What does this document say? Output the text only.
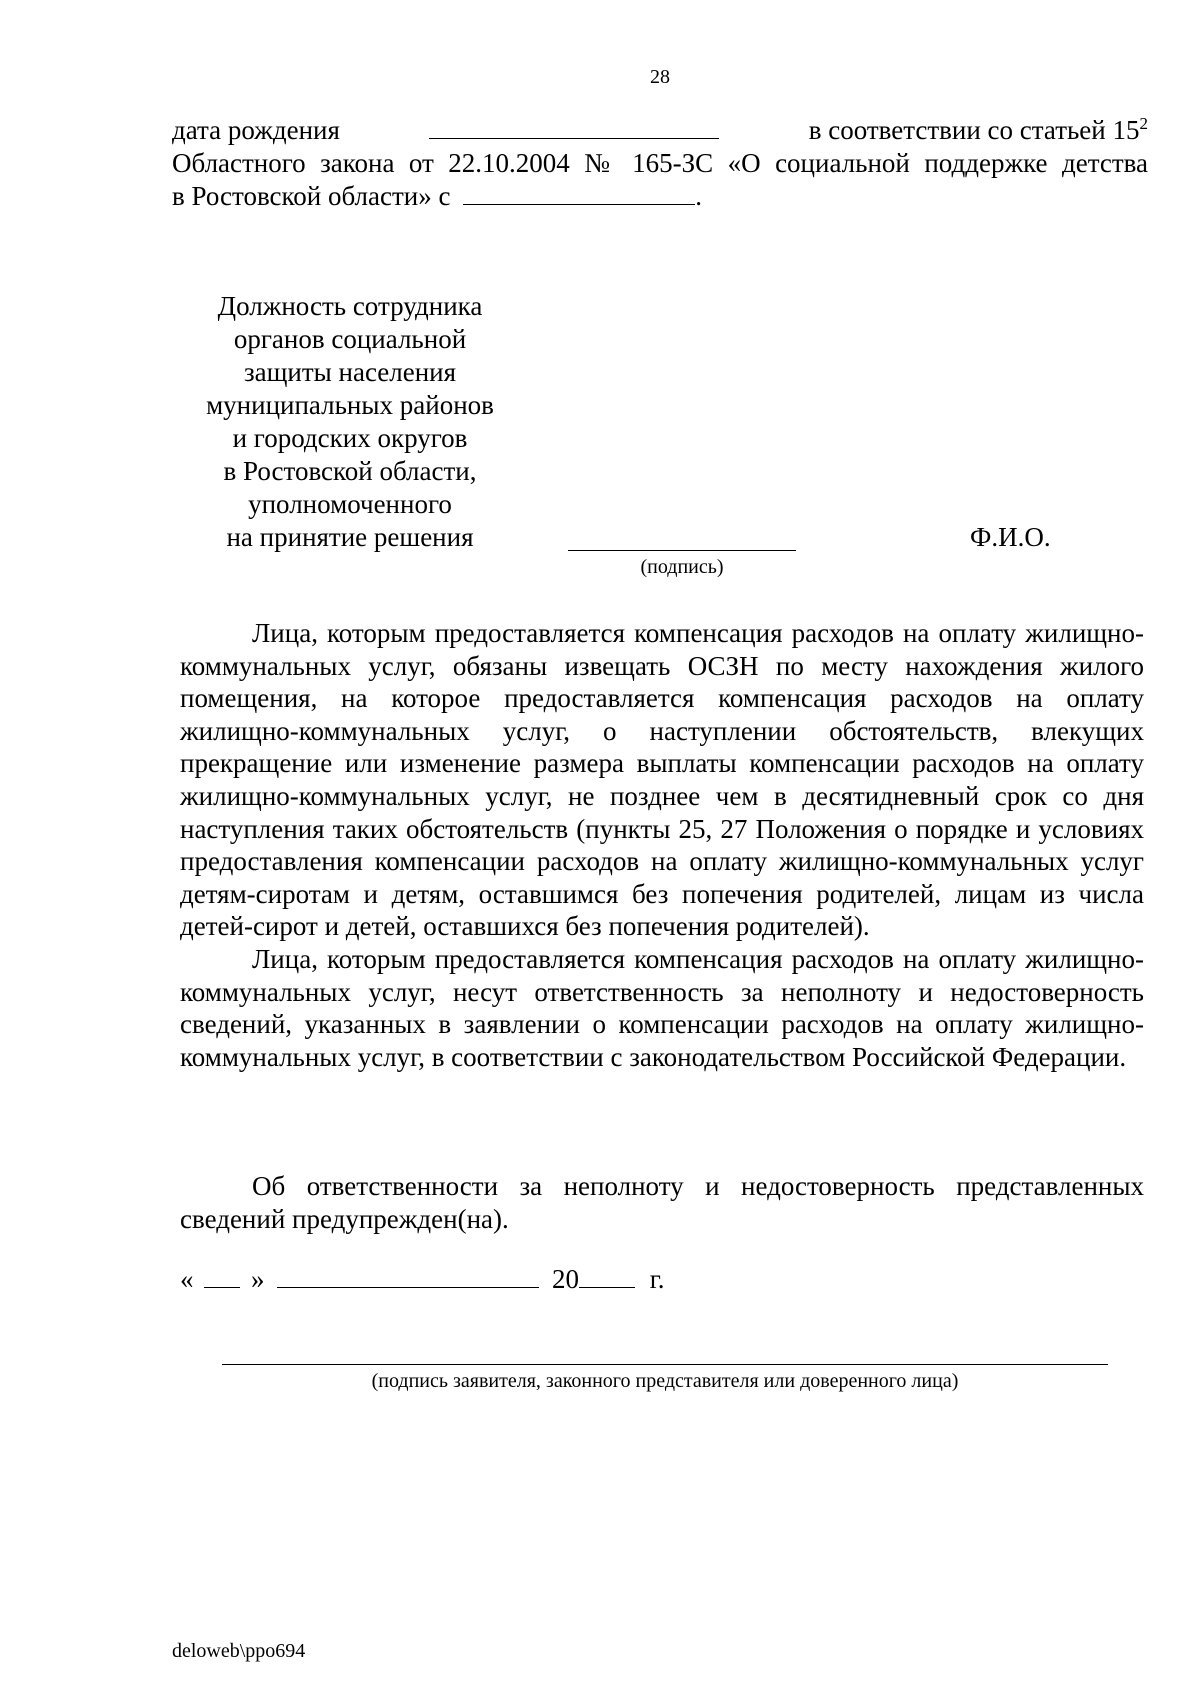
28
дата рождения	в соответствии со статьей $15^2$
Областного закона от 22.10.2004 № 165-ЗС «О социальной поддержке детства
в Ростовской области» с	.
Должность сотрудника
органов социальной
защиты населения
муниципальных районов
и городских округов
в Ростовской области,
уполномоченного
на принятие решения
(подпись)
Ф.И.О.

Лица, которым предоставляется компенсация расходов на оплату жилищно-коммунальных услуг, обязаны извещать ОСЗН по месту нахождения жилого помещения, на которое предоставляется компенсация расходов на оплату жилищно-коммунальных услуг, о наступлении обстоятельств, влекущих прекращение или изменение размера выплаты компенсации расходов на оплату жилищно-коммунальных услуг, не позднее чем в десятидневный срок со дня наступления таких обстоятельств (пункты 25, 27 Положения о порядке и условиях предоставления компенсации расходов на оплату жилищно-коммунальных услуг детям-сиротам и детям, оставшимся без попечения родителей, лицам из числа детей-сирот и детей, оставшихся без попечения родителей).

Лица, которым предоставляется компенсация расходов на оплату жилищно-коммунальных услуг, несут ответственность за неполноту и недостоверность сведений, указанных в заявлении о компенсации расходов на оплату жилищно-коммунальных услуг, в соответствии с законодательством Российской Федерации.

Об ответственности за неполноту и недостоверность представленных сведений предупрежден(на).
« »	20	г.
(подпись заявителя, законного представителя или доверенного лица)
deloweb\ppo694
